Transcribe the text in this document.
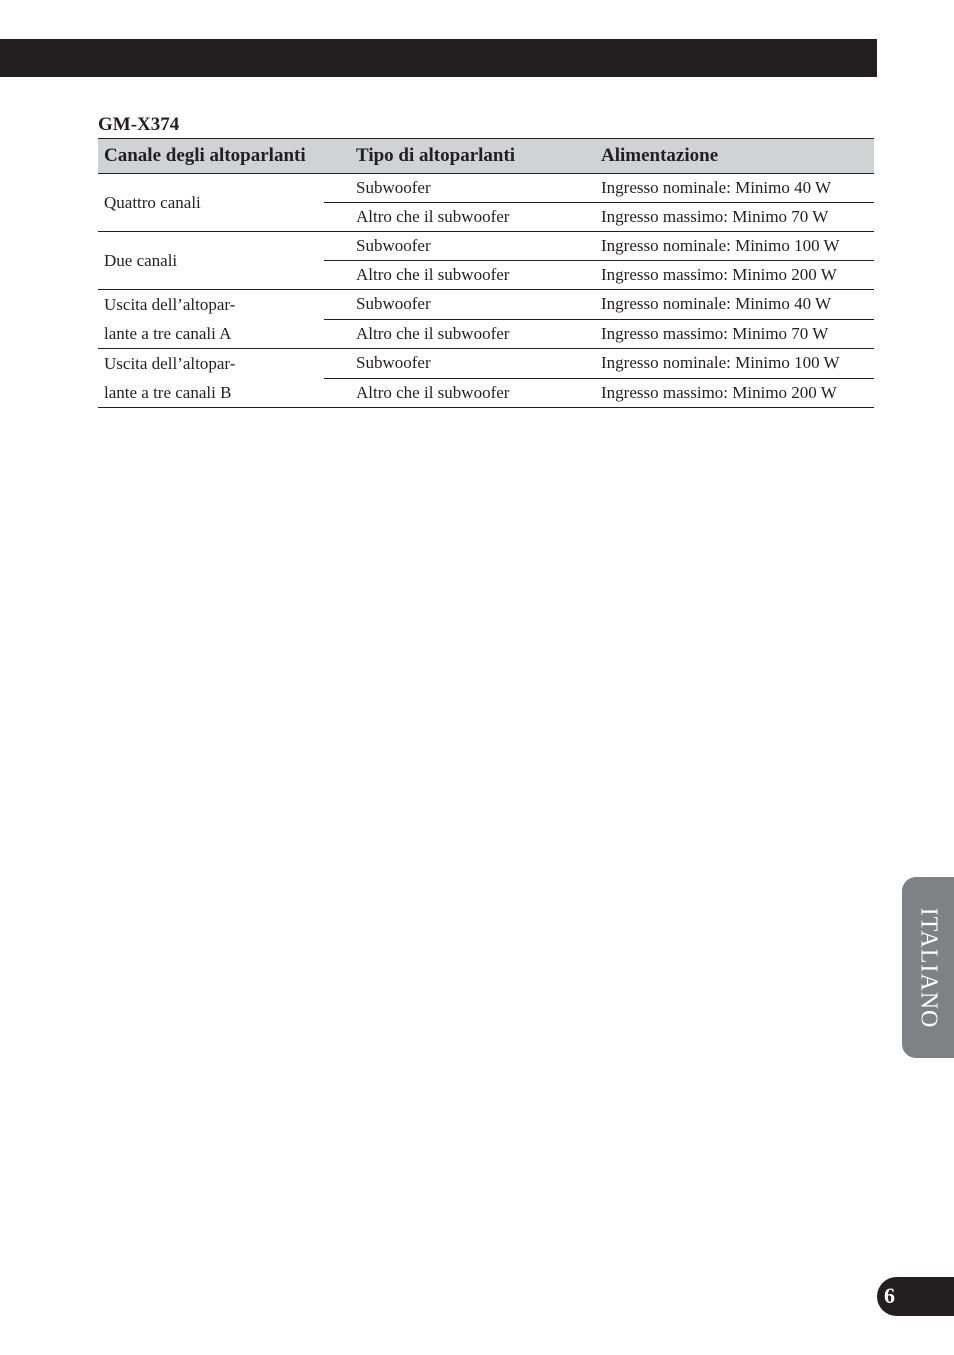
GM-X374
Canale degli altoparlanti	Tipo di altoparlanti	Alimentazione

Quattro canali	Subwoofer	Ingresso nominale: Minimo 40 W
	Altro che il subwoofer	Ingresso massimo: Minimo 70 W

Due canali	Subwoofer	Ingresso nominale: Minimo 100 W
	Altro che il subwoofer	Ingresso massimo: Minimo 200 W

Uscita dell’altopar-
lante a tre canali A	Subwoofer	Ingresso nominale: Minimo 40 W
	Altro che il subwoofer	Ingresso massimo: Minimo 70 W

Uscita dell’altopar-
lante a tre canali B	Subwoofer	Ingresso nominale: Minimo 100 W
	Altro che il subwoofer	Ingresso massimo: Minimo 200 W
ITALIANO
6
